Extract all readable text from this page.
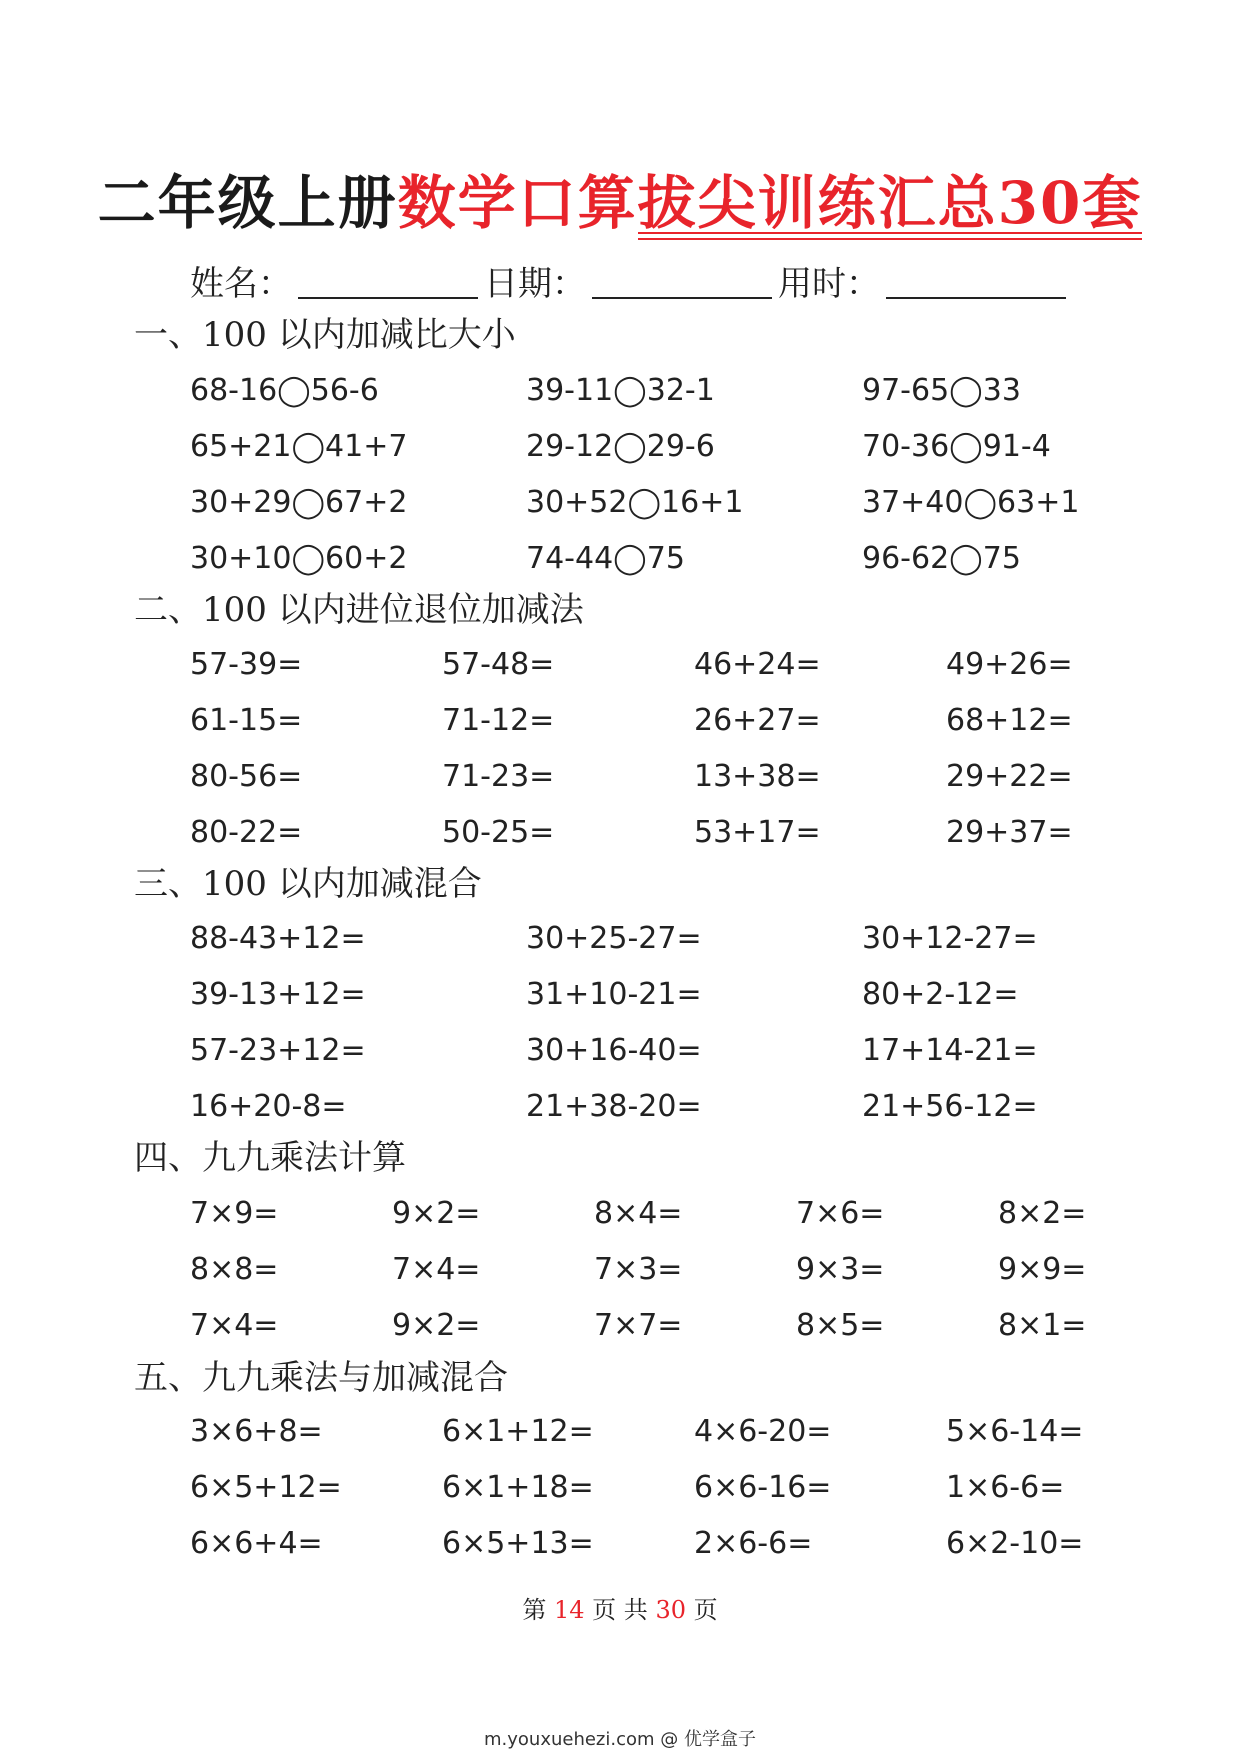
二年级上册数学口算拔尖训练汇总30套
姓名：	日期：	用时：
一、100 以内加减比大小
68-16◯56-6	39-11◯32-1	97-65◯33
65+21◯41+7	29-12◯29-6	70-36◯91-4
30+29◯67+2	30+52◯16+1	37+40◯63+1
30+10◯60+2	74-44◯75	96-62◯75
二、100 以内进位退位加减法
57-39=	57-48=	46+24=	49+26=
61-15=	71-12=	26+27=	68+12=
80-56=	71-23=	13+38=	29+22=
80-22=	50-25=	53+17=	29+37=
三、100 以内加减混合
88-43+12=	30+25-27=	30+12-27=
39-13+12=	31+10-21=	80+2-12=
57-23+12=	30+16-40=	17+14-21=
16+20-8=	21+38-20=	21+56-12=
四、九九乘法计算
7×9=	9×2=	8×4=	7×6=	8×2=
8×8=	7×4=	7×3=	9×3=	9×9=
7×4=	9×2=	7×7=	8×5=	8×1=
五、九九乘法与加减混合
3×6+8=	6×1+12=	4×6-20=	5×6-14=
6×5+12=	6×1+18=	6×6-16=	1×6-6=
6×6+4=	6×5+13=	2×6-6=	6×2-10=
第 14 页 共 30 页
m.youxuehezi.com @ 优学盒子
